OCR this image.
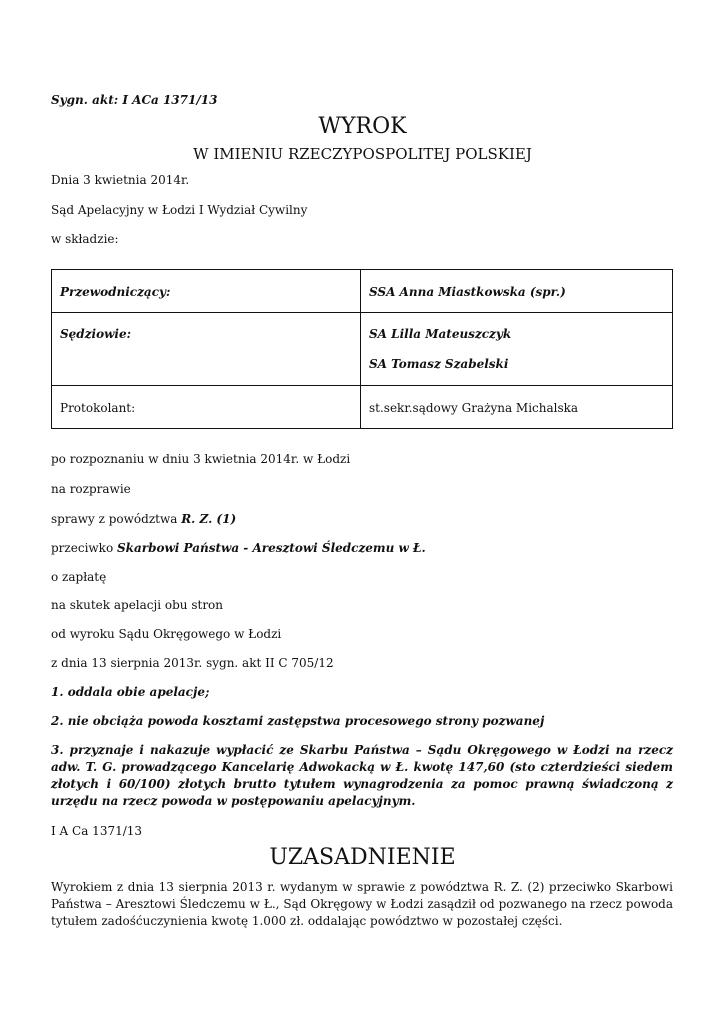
Sygn. akt: I ACa 1371/13
WYROK
W IMIENIU RZECZYPOSPOLITEJ POLSKIEJ
Dnia 3 kwietnia 2014r.
Sąd Apelacyjny w Łodzi I Wydział Cywilny
w składzie:
Przewodniczący:	SSA Anna Miastkowska (spr.)

Sędziowie:	SA Lilla Mateuszczyk
SA Tomasz Szabelski

Protokolant:	st.sekr.sądowy Grażyna Michalska
po rozpoznaniu w dniu 3 kwietnia 2014r. w Łodzi
na rozprawie
sprawy z powództwa R. Z. (1)
przeciwko Skarbowi Państwa - Aresztowi Śledczemu w Ł.
o zapłatę
na skutek apelacji obu stron
od wyroku Sądu Okręgowego w Łodzi
z dnia 13 sierpnia 2013r. sygn. akt II C 705/12
1. oddala obie apelacje;
2. nie obciąża powoda kosztami zastępstwa procesowego strony pozwanej
3. przyznaje i nakazuje wypłacić ze Skarbu Państwa – Sądu Okręgowego w Łodzi na rzecz adw. T. G. prowadzącego Kancelarię Adwokacką w Ł. kwotę 147,60 (sto czterdzieści siedem złotych i 60/100) złotych brutto tytułem wynagrodzenia za pomoc prawną świadczoną z urzędu na rzecz powoda w postępowaniu apelacyjnym.
I A Ca 1371/13
UZASADNIENIE
Wyrokiem z dnia 13 sierpnia 2013 r. wydanym w sprawie z powództwa R. Z. (2) przeciwko Skarbowi Państwa – Aresztowi Śledczemu w Ł., Sąd Okręgowy w Łodzi zasądził od pozwanego na rzecz powoda tytułem zadośćuczynienia kwotę 1.000 zł. oddalając powództwo w pozostałej części.
